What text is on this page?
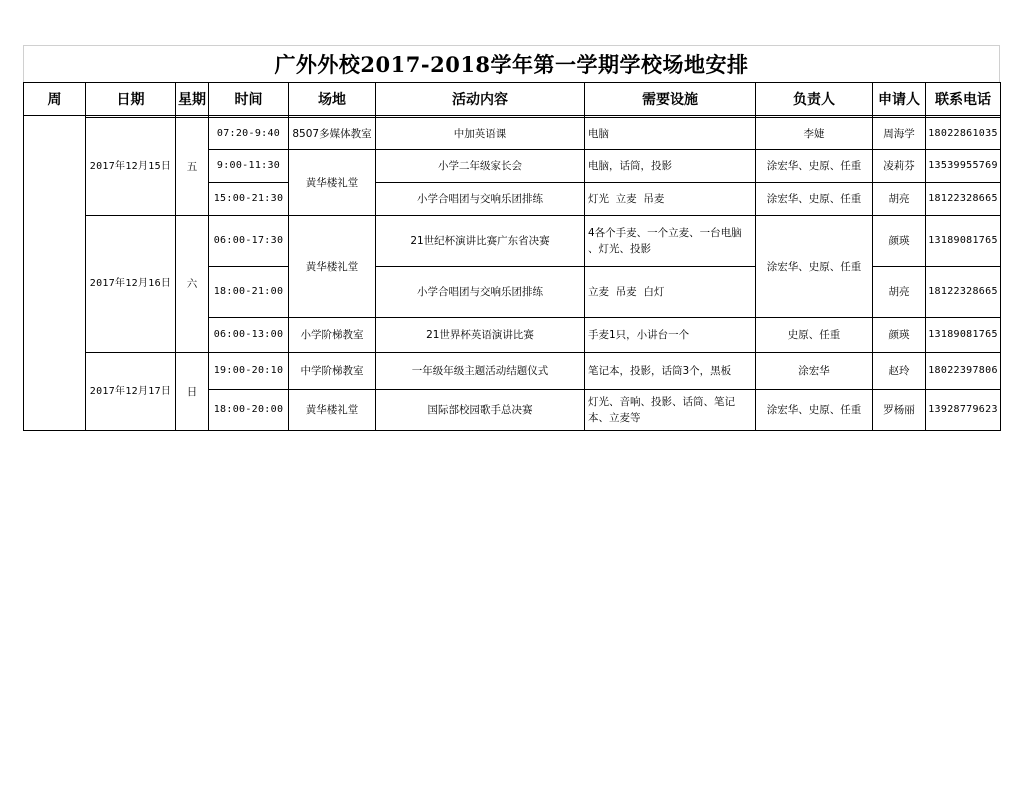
广外外校2017-2018学年第一学期学校场地安排
周	日期	星期	时间	场地	活动内容	需要设施	负责人	申请人	联系电话

	2017年12月15日	五	07:20-9:40	8507多媒体教室	中加英语课	电脑	李婕	周海学	18022861035
			9:00-11:30	黄华楼礼堂	小学二年级家长会	电脑，话筒，投影	涂宏华、史原、任重	凌莉芬	13539955769
			15:00-21:30		小学合唱团与交响乐团排练	灯光  立麦  吊麦	涂宏华、史原、任重	胡亮	18122328665
	2017年12月16日	六	06:00-17:30	黄华楼礼堂	21世纪杯演讲比赛广东省决赛	4各个手麦、一个立麦、一台电脑
、灯光、投影	涂宏华、史原、任重	颜瑛	13189081765
			18:00-21:00		小学合唱团与交响乐团排练	立麦  吊麦  白灯		胡亮	18122328665
			06:00-13:00	小学阶梯教室	21世界杯英语演讲比赛	手麦1只，小讲台一个	史原、任重	颜瑛	13189081765
	2017年12月17日	日	19:00-20:10	中学阶梯教室	一年级年级主题活动结题仪式	笔记本，投影，话筒3个，黑板	涂宏华	赵玲	18022397806
			18:00-20:00	黄华楼礼堂	国际部校园歌手总决赛	灯光、音响、投影、话筒、笔记
本、立麦等	涂宏华、史原、任重	罗杨丽	13928779623
